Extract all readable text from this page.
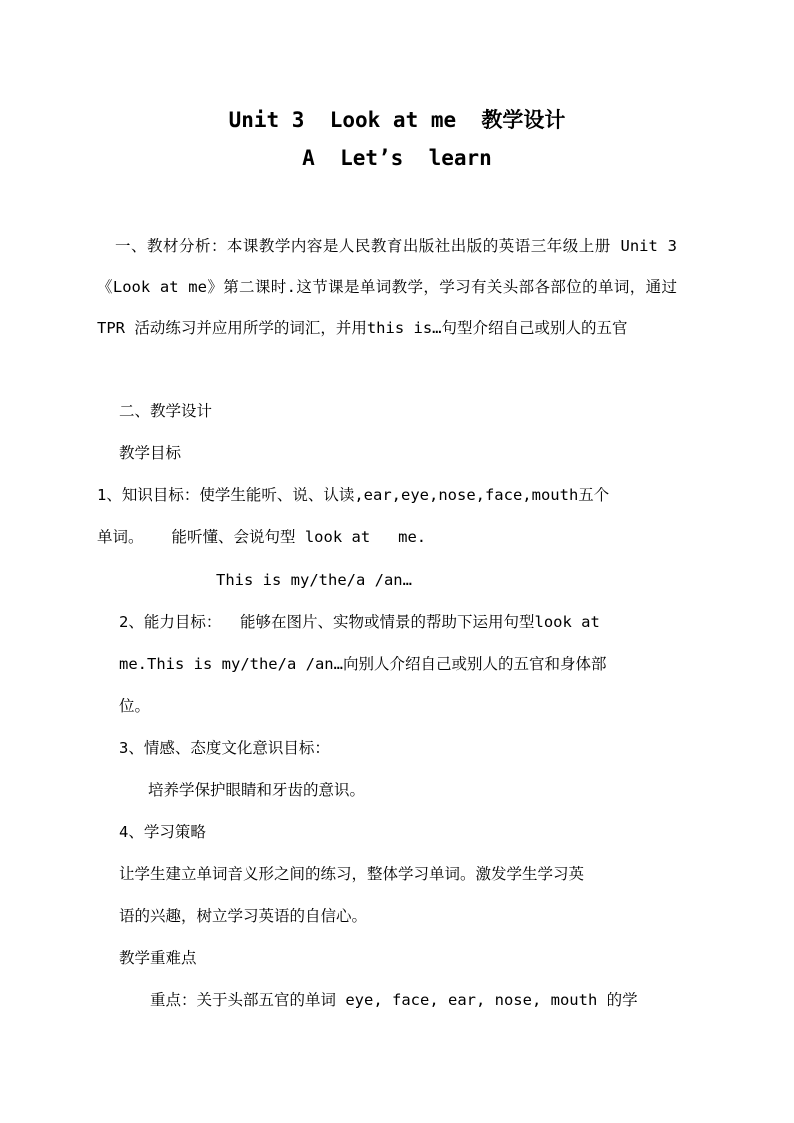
Unit 3  Look at me  教学设计
A  Let’s  learn
一、教材分析：本课教学内容是人民教育出版社出版的英语三年级上册 Unit 3《Look at me》第二课时.这节课是单词教学，学习有关头部各部位的单词，通过 TPR 活动练习并应用所学的词汇，并用this is…句型介绍自己或别人的五官
二、教学设计
教学目标
1、知识目标：使学生能听、说、认读,ear,eye,nose,face,mouth五个
单词。   能听懂、会说句型 look at   me.
This is my/the/a /an…
2、能力目标：  能够在图片、实物或情景的帮助下运用句型look at
me.This is my/the/a /an…向别人介绍自己或别人的五官和身体部
位。
3、情感、态度文化意识目标：
培养学保护眼睛和牙齿的意识。
4、学习策略
让学生建立单词音义形之间的练习，整体学习单词。激发学生学习英
语的兴趣，树立学习英语的自信心。
教学重难点
重点：关于头部五官的单词 eye, face, ear, nose, mouth 的学
